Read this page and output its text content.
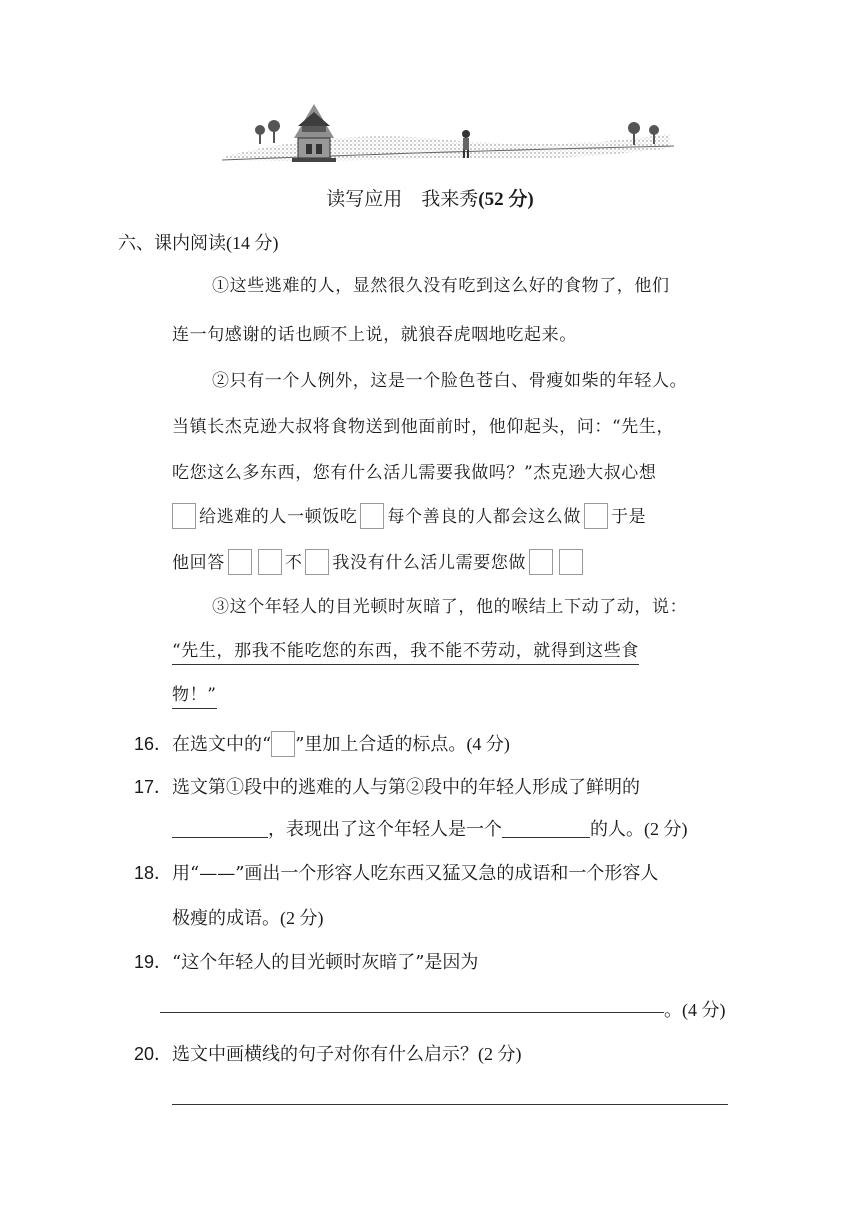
读写应用　我来秀(52 分)
六、课内阅读(14 分)
①这些逃难的人，显然很久没有吃到这么好的食物了，他们
连一句感谢的话也顾不上说，就狼吞虎咽地吃起来。
②只有一个人例外，这是一个脸色苍白、骨瘦如柴的年轻人。
当镇长杰克逊大叔将食物送到他面前时，他仰起头，问：“先生，
吃您这么多东西，您有什么活儿需要我做吗？”杰克逊大叔心想
给逃难的人一顿饭吃 每个善良的人都会这么做 于是
他回答	不 我没有什么活儿需要您做
③这个年轻人的目光顿时灰暗了，他的喉结上下动了动，说：
“先生，那我不能吃您的东西，我不能不劳动，就得到这些食
物！”
16．在选文中的“ ”里加上合适的标点。(4 分)
17．选文第①段中的逃难的人与第②段中的年轻人形成了鲜明的
，表现出了这个年轻人是一个	的人。(2 分)
18．用“——”画出一个形容人吃东西又猛又急的成语和一个形容人
极瘦的成语。(2 分)
19．“这个年轻人的目光顿时灰暗了”是因为
。(4 分)
20．选文中画横线的句子对你有什么启示？(2 分)
